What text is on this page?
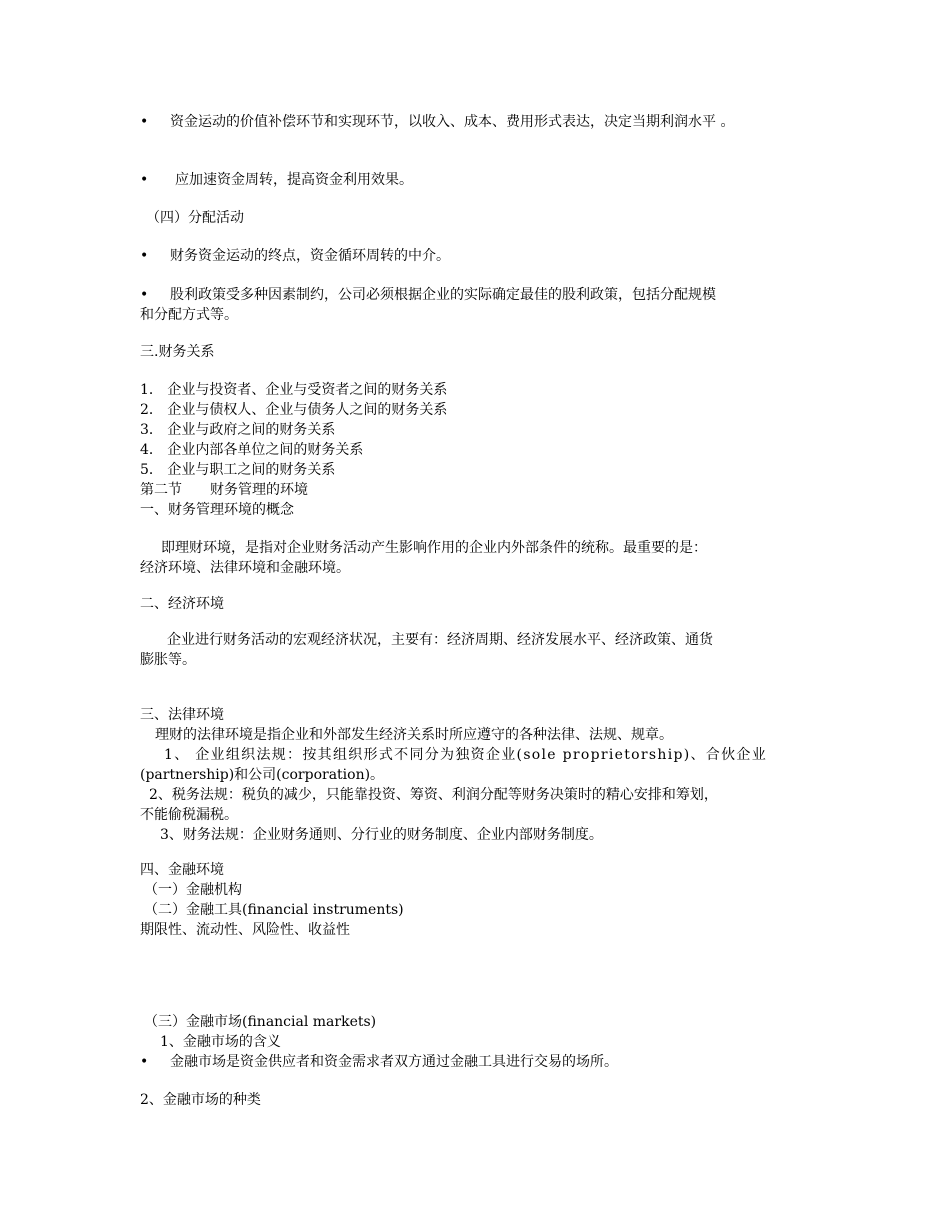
• 资金运动的价值补偿环节和实现环节，以收入、成本、费用形式表达，决定当期利润水平 。
• 应加速资金周转，提高资金利用效果。
（四）分配活动
• 财务资金运动的终点，资金循环周转的中介。
• 股利政策受多种因素制约，公司必须根据企业的实际确定最佳的股利政策，包括分配规模
和分配方式等。
三.财务关系
1． 企业与投资者、企业与受资者之间的财务关系
2． 企业与债权人、企业与债务人之间的财务关系
3． 企业与政府之间的财务关系
4． 企业内部各单位之间的财务关系
5． 企业与职工之间的财务关系
第二节　　财务管理的环境
一、财务管理环境的概念
即理财环境，是指对企业财务活动产生影响作用的企业内外部条件的统称。最重要的是：
经济环境、法律环境和金融环境。
二、经济环境
企业进行财务活动的宏观经济状况，主要有：经济周期、经济发展水平、经济政策、通货
膨胀等。
三、法律环境
理财的法律环境是指企业和外部发生经济关系时所应遵守的各种法律、法规、规章。
1、 企业组织法规：按其组织形式不同分为独资企业(sole proprietorship)、合伙企业
(partnership)和公司(corporation)。
2、税务法规：税负的减少，只能靠投资、筹资、利润分配等财务决策时的精心安排和筹划，
不能偷税漏税。
3、财务法规：企业财务通则、分行业的财务制度、企业内部财务制度。
四、金融环境
（一）金融机构
（二）金融工具(financial instruments)
期限性、流动性、风险性、收益性
（三）金融市场(financial markets)
1、金融市场的含义
• 金融市场是资金供应者和资金需求者双方通过金融工具进行交易的场所。
2、金融市场的种类
